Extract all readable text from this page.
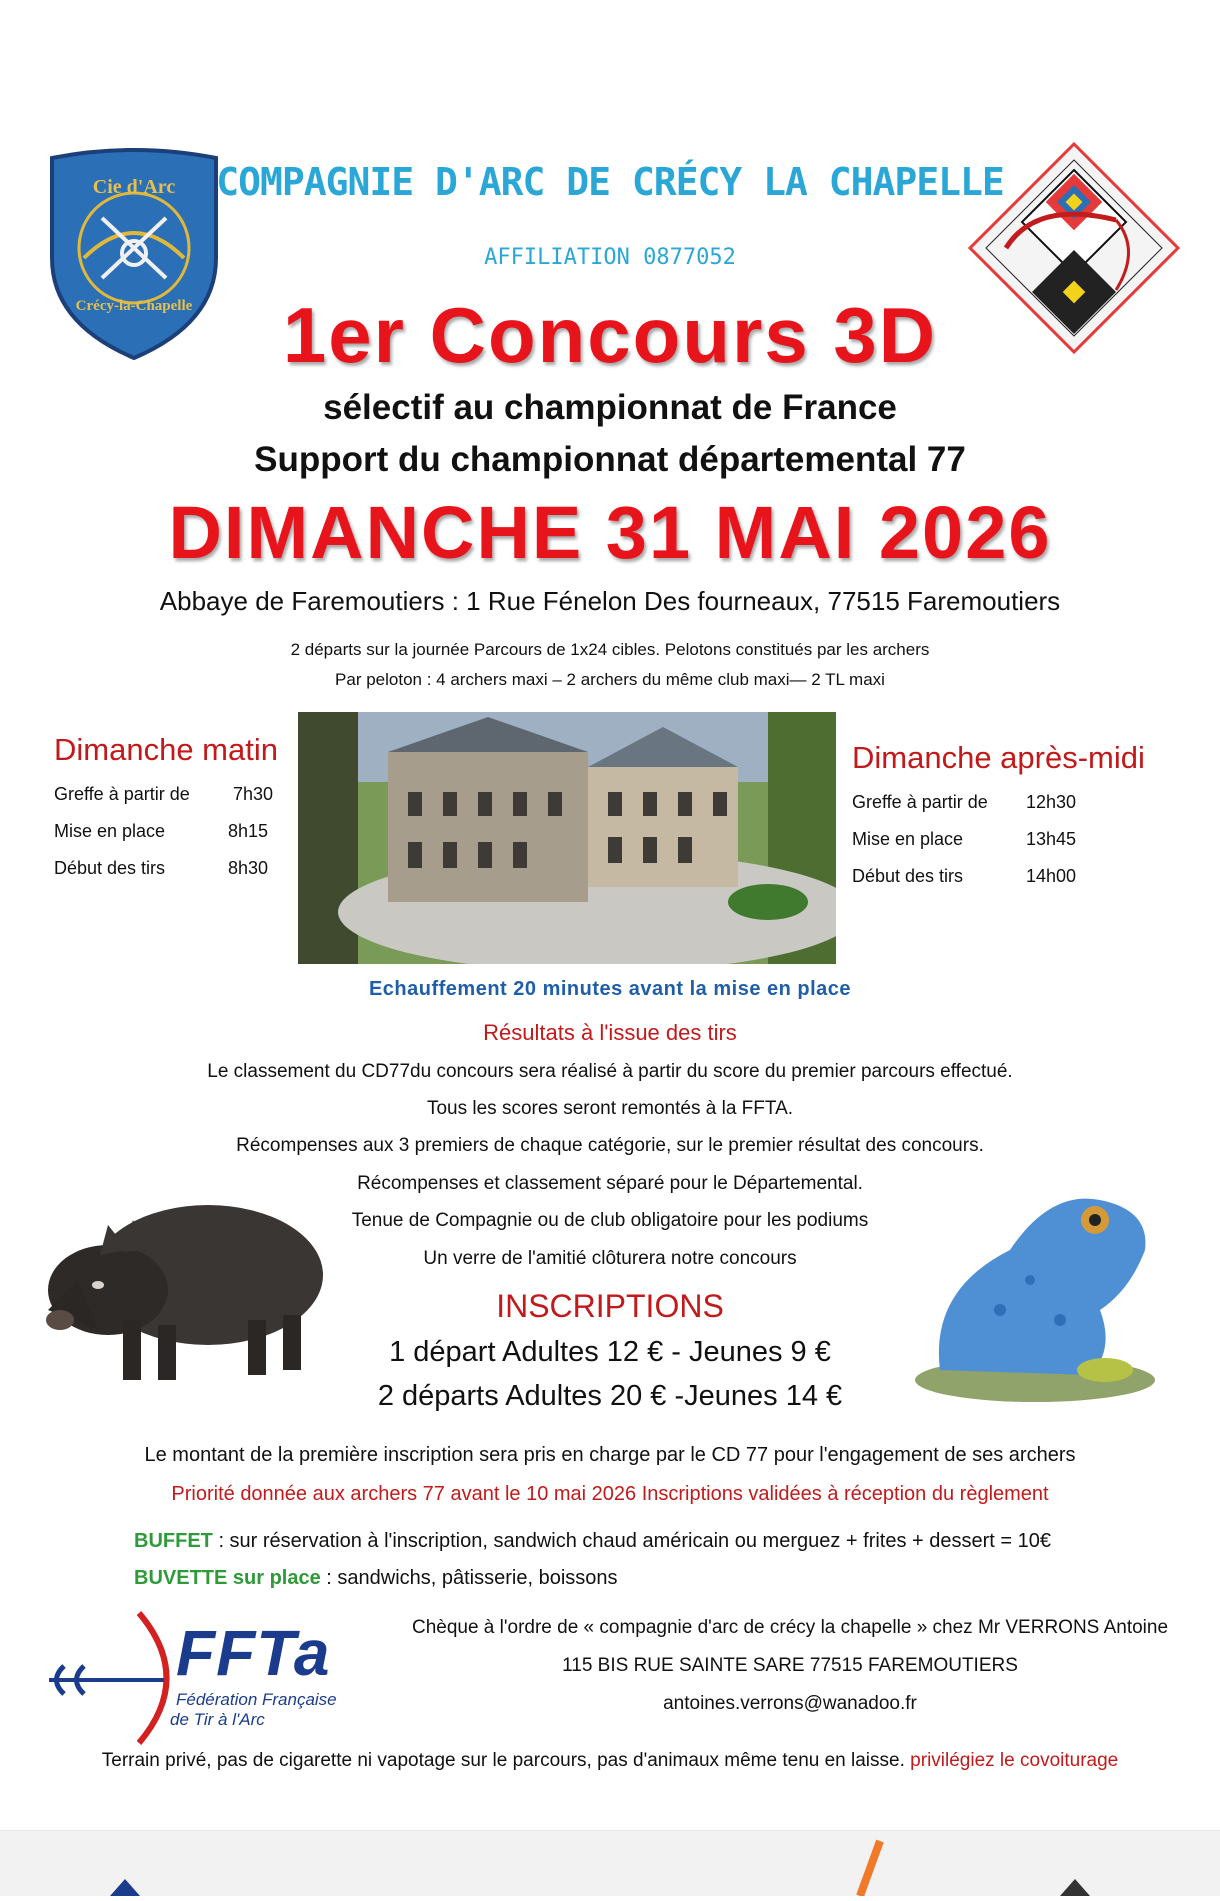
Cie d'Arc
Crécy-la-Chapelle
COMPAGNIE D'ARC DE CRÉCY LA CHAPELLE
AFFILIATION 0877052
1er Concours 3D
sélectif au championnat de France
Support du championnat départemental 77
DIMANCHE 31 MAI 2026
Abbaye de Faremoutiers : 1 Rue Fénelon Des fourneaux, 77515 Faremoutiers
2 départs sur la journée Parcours de 1x24 cibles. Pelotons constitués par les archers
Par peloton : 4 archers maxi – 2 archers du même club maxi— 2 TL maxi
Dimanche matin
Greffe à partir de 7h30
Mise en place	8h15
Début des tirs	8h30
Dimanche après-midi
Greffe à partir de 12h30
Mise en place	13h45
Début des tirs	14h00
Echauffement 20 minutes avant la mise en place
Résultats à l'issue des tirs
Le classement du CD77du concours sera réalisé à partir du score du premier parcours effectué.
Tous les scores seront remontés à la FFTA.
Récompenses aux 3 premiers de chaque catégorie, sur le premier résultat des concours.
Récompenses et classement séparé pour le Départemental.
Tenue de Compagnie ou de club obligatoire pour les podiums
Un verre de l'amitié clôturera notre concours
INSCRIPTIONS
1 départ Adultes 12 € - Jeunes 9 €
2 départs Adultes 20 € -Jeunes 14 €
Le montant de la première inscription sera pris en charge par le CD 77 pour l'engagement de ses archers
Priorité donnée aux archers 77 avant le 10 mai 2026 Inscriptions validées à réception du règlement
BUFFET : sur réservation à l'inscription, sandwich chaud américain ou merguez + frites + dessert = 10€
BUVETTE sur place : sandwichs, pâtisserie, boissons
FFTa
Fédération Française
de Tir à l'Arc
Chèque à l'ordre de « compagnie d'arc de crécy la chapelle » chez Mr VERRONS Antoine
115 BIS RUE SAINTE SARE 77515 FAREMOUTIERS
antoines.verrons@wanadoo.fr
Terrain privé, pas de cigarette ni vapotage sur le parcours, pas d'animaux même tenu en laisse. privilégiez le covoiturage
